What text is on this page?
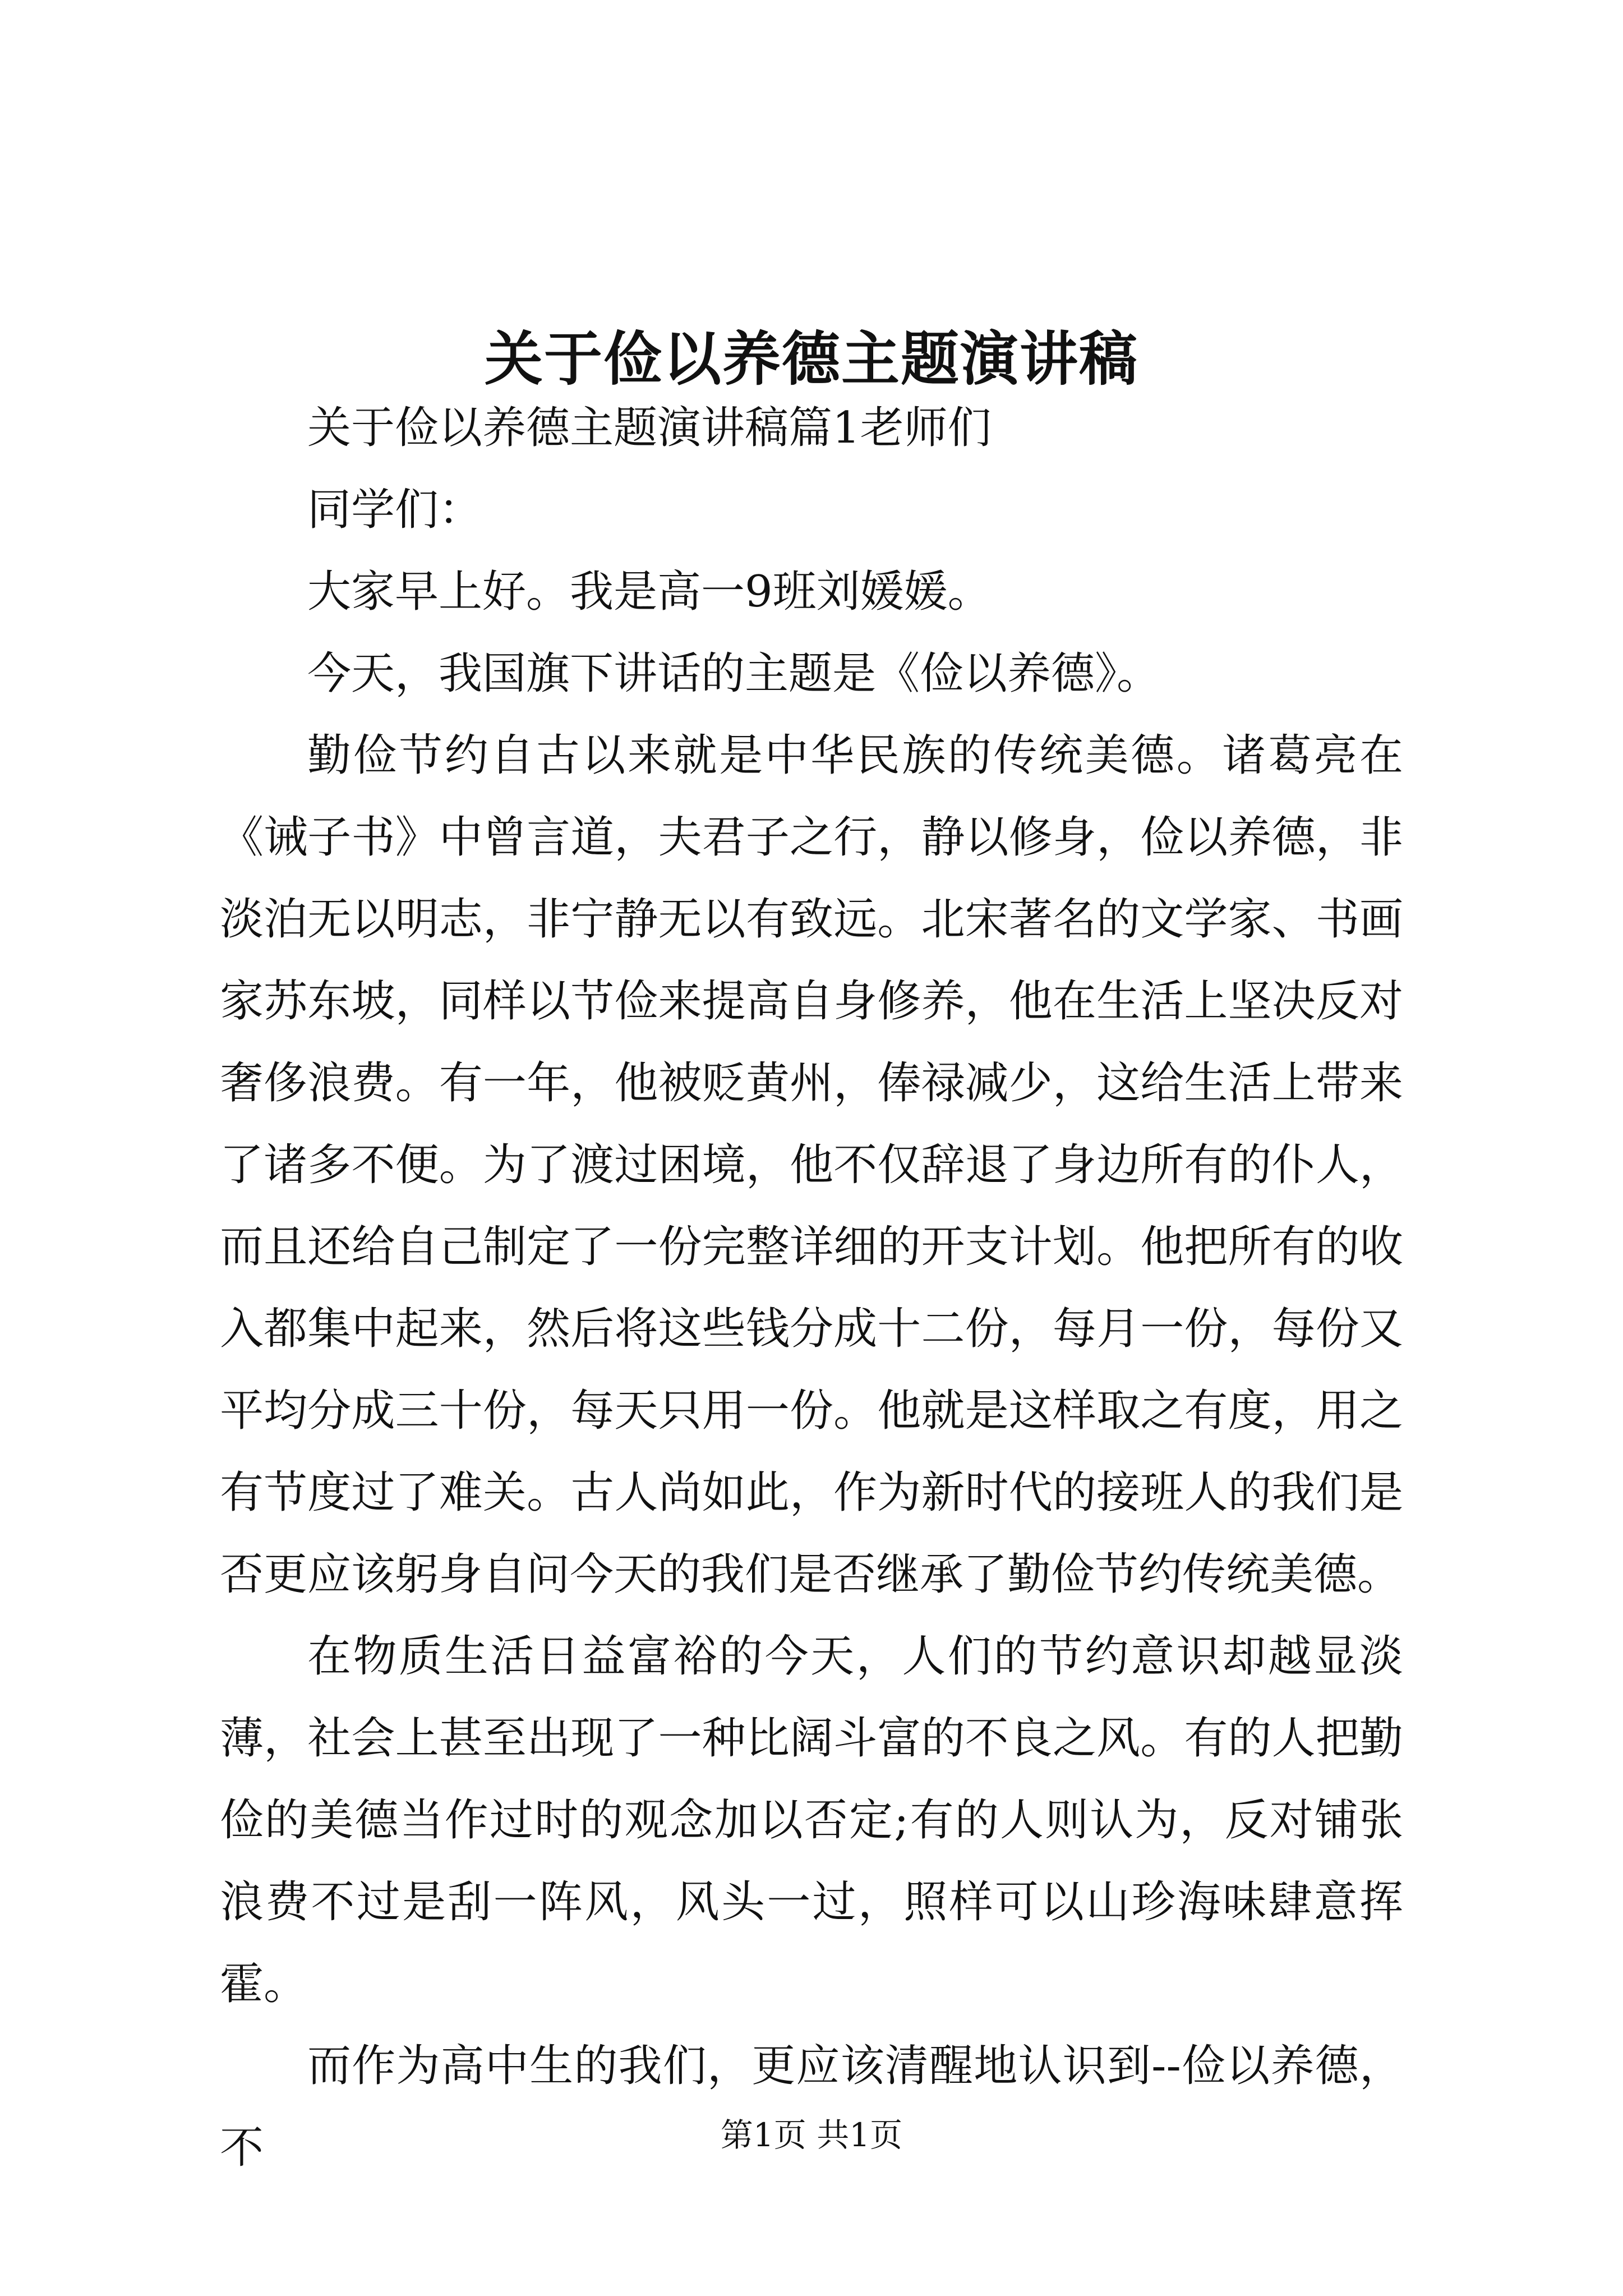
关于俭以养德主题演讲稿

关于俭以养德主题演讲稿篇1老师们

同学们：

大家早上好。我是高一9班刘媛媛。

今天，我国旗下讲话的主题是《俭以养德》。

勤俭节约自古以来就是中华民族的传统美德。诸葛亮在《诫子书》中曾言道，夫君子之行，静以修身，俭以养德，非淡泊无以明志，非宁静无以有致远。北宋著名的文学家、书画家苏东坡，同样以节俭来提高自身修养，他在生活上坚决反对奢侈浪费。有一年，他被贬黄州，俸禄减少，这给生活上带来了诸多不便。为了渡过困境，他不仅辞退了身边所有的仆人，而且还给自己制定了一份完整详细的开支计划。他把所有的收入都集中起来，然后将这些钱分成十二份，每月一份，每份又平均分成三十份，每天只用一份。他就是这样取之有度，用之有节度过了难关。古人尚如此，作为新时代的接班人的我们是否更应该躬身自问今天的我们是否继承了勤俭节约传统美德。

在物质生活日益富裕的今天，人们的节约意识却越显淡薄，社会上甚至出现了一种比阔斗富的不良之风。有的人把勤俭的美德当作过时的观念加以否定;有的人则认为，反对铺张浪费不过是刮一阵风，风头一过，照样可以山珍海味肆意挥霍。

而作为高中生的我们，更应该清醒地认识到--俭以养德，不	第1页 共1页
